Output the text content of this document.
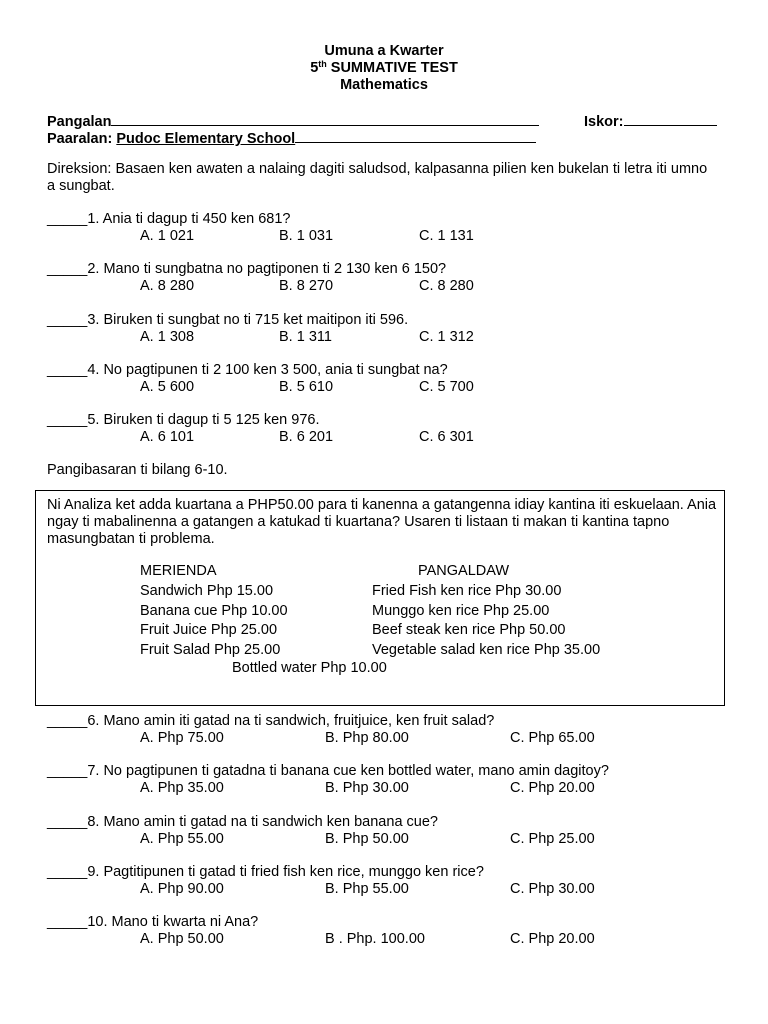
Umuna a Kwarter
5th SUMMATIVE TEST
Mathematics
Pangalan	Iskor:
Paaralan: Pudoc Elementary School
Direksion: Basaen ken awaten a nalaing dagiti saludsod, kalpasanna pilien ken bukelan ti letra iti umno a sungbat.
_____1. Ania ti dagup ti 450 ken 681?
A. 1 021	B. 1 031	C. 1 131
_____2. Mano ti sungbatna no pagtiponen ti 2 130 ken 6 150?
A. 8 280	B. 8 270	C. 8 280
_____3. Biruken ti sungbat no ti 715 ket maitipon iti 596.
A. 1 308	B. 1 311	C. 1 312
_____4. No pagtipunen ti 2 100 ken 3 500, ania ti sungbat na?
A. 5 600	B. 5 610	C. 5 700
_____5. Biruken ti dagup ti 5 125 ken 976.
A. 6 101	B. 6 201	C. 6 301
Pangibasaran ti bilang 6-10.
Ni Analiza ket adda kuartana a PHP50.00 para ti kanenna a gatangenna idiay kantina iti eskuelaan. Ania ngay ti mabalinenna a gatangen a katukad ti kuartana? Usaren ti listaan ti makan ti kantina tapno masungbatan ti problema.
MERIENDA	PANGALDAW
Sandwich Php 15.00
Banana cue Php 10.00
Fruit Juice Php 25.00
Fruit Salad Php 25.00
Fried Fish ken rice Php 30.00
Munggo ken rice Php 25.00
Beef steak ken rice Php 50.00
Vegetable salad ken rice Php 35.00
Bottled water Php 10.00
_____6. Mano amin iti gatad na ti sandwich, fruitjuice, ken fruit salad?
A. Php 75.00	B. Php 80.00	C. Php 65.00
_____7. No pagtipunen ti gatadna ti banana cue ken bottled water, mano amin dagitoy?
A. Php 35.00	B. Php 30.00	C. Php 20.00
_____8. Mano amin ti gatad na ti sandwich ken banana cue?
A. Php 55.00	B. Php 50.00	C. Php 25.00
_____9. Pagtitipunen ti gatad ti fried fish ken rice, munggo ken rice?
A. Php 90.00	B. Php 55.00	C. Php 30.00
_____10. Mano ti kwarta ni Ana?
A. Php 50.00	B . Php. 100.00	C. Php 20.00
